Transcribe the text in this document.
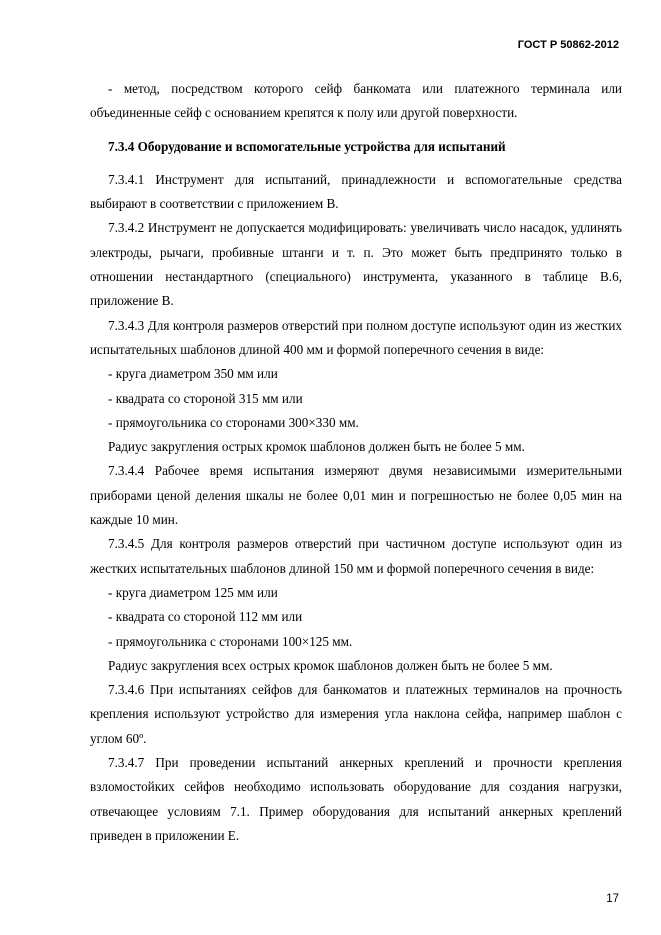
ГОСТ Р 50862-2012

- метод, посредством которого сейф банкомата или платежного терминала или объединенные сейф с основанием крепятся к полу или другой поверхности.

7.3.4 Оборудование и вспомогательные устройства для испытаний

7.3.4.1 Инструмент для испытаний, принадлежности и вспомогательные средства выбирают в соответствии с приложением В.

7.3.4.2 Инструмент не допускается модифицировать: увеличивать число насадок, удлинять электроды, рычаги, пробивные штанги и т. п. Это может быть предпринято только в отношении нестандартного (специального) инструмента, указанного в таблице В.6, приложение В.

7.3.4.3 Для контроля размеров отверстий при полном доступе используют один из жестких испытательных шаблонов длиной 400 мм и формой поперечного сечения в виде:

- круга диаметром 350 мм или

- квадрата со стороной 315 мм или

- прямоугольника со сторонами 300×330 мм.

Радиус закругления острых кромок шаблонов должен быть не более 5 мм.

7.3.4.4 Рабочее время испытания измеряют двумя независимыми измерительными приборами ценой деления шкалы не более 0,01 мин и погрешностью не более 0,05 мин на каждые 10 мин.

7.3.4.5 Для контроля размеров отверстий при частичном доступе используют один из жестких испытательных шаблонов длиной 150 мм и формой поперечного сечения в виде:

- круга диаметром 125 мм или

- квадрата со стороной 112 мм или

- прямоугольника с сторонами 100×125 мм.

Радиус закругления всех острых кромок шаблонов должен быть не более 5 мм.

7.3.4.6 При испытаниях сейфов для банкоматов и платежных терминалов на прочность крепления используют устройство для измерения угла наклона сейфа, например шаблон с углом 60º.

7.3.4.7 При проведении испытаний анкерных креплений и прочности крепления взломостойких сейфов необходимо использовать оборудование для создания нагрузки, отвечающее условиям 7.1. Пример оборудования для испытаний анкерных креплений приведен в приложении Е.

17
